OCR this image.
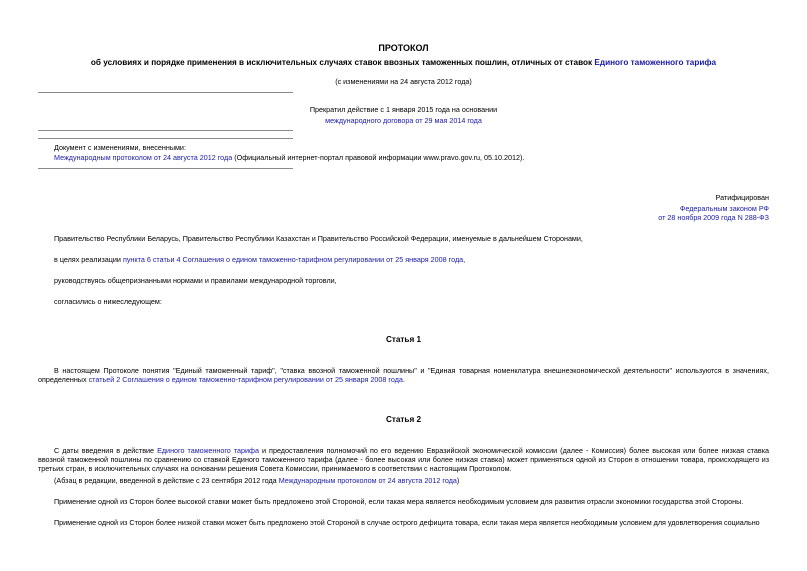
ПРОТОКОЛ
об условиях и порядке применения в исключительных случаях ставок ввозных таможенных пошлин, отличных от ставок Единого таможенного тарифа
(с изменениями на 24 августа 2012 года)
Прекратил действие с 1 января 2015 года на основании
международного договора от 29 мая 2014 года
Документ с изменениями, внесенными:
Международным протоколом от 24 августа 2012 года (Официальный интернет-портал правовой информации www.pravo.gov.ru, 05.10.2012).
Ратифицирован
Федеральным законом РФ
от 28 ноября 2009 года N 288-ФЗ
Правительство Республики Беларусь, Правительство Республики Казахстан и Правительство Российской Федерации, именуемые в дальнейшем Сторонами,
в целях реализации пункта 6 статьи 4 Соглашения о едином таможенно-тарифном регулировании от 25 января 2008 года,
руководствуясь общепризнанными нормами и правилами международной торговли,
согласились о нижеследующем:
Статья 1
В настоящем Протоколе понятия "Единый таможенный тариф", "ставка ввозной таможенной пошлины" и "Единая товарная номенклатура внешнеэкономической деятельности" используются в значениях, определенных статьей 2 Соглашения о едином таможенно-тарифном регулировании от 25 января 2008 года.
Статья 2
С даты введения в действие Единого таможенного тарифа и предоставления полномочий по его ведению Евразийской экономической комиссии (далее - Комиссия) более высокая или более низкая ставка ввозной таможенной пошлины по сравнению со ставкой Единого таможенного тарифа (далее - более высокая или более низкая ставка) может применяться одной из Сторон в отношении товара, происходящего из третьих стран, в исключительных случаях на основании решения Совета Комиссии, принимаемого в соответствии с настоящим Протоколом.
(Абзац в редакции, введенной в действие с 23 сентября 2012 года Международным протоколом от 24 августа 2012 года)
Применение одной из Сторон более высокой ставки может быть предложено этой Стороной, если такая мера является необходимым условием для развития отрасли экономики государства этой Стороны.
Применение одной из Сторон более низкой ставки может быть предложено этой Стороной в случае острого дефицита товара, если такая мера является необходимым условием для удовлетворения социально
